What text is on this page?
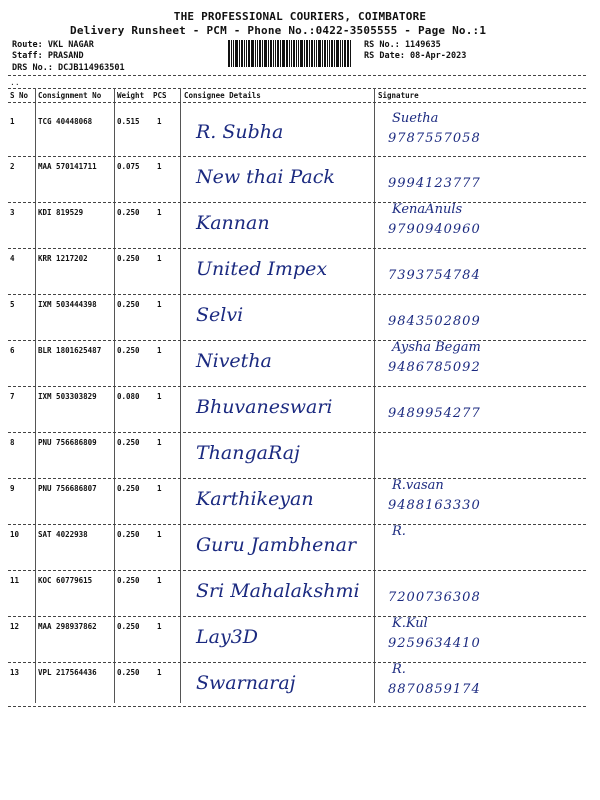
THE PROFESSIONAL COURIERS, COIMBATORE
Delivery Runsheet - PCM - Phone No.:0422-3505555 - Page No.:1
Route: VKL NAGAR
Staff: PRASAND
DRS No.: DCJB114963501
RS No.: 1149635
RS Date: 08-Apr-2023
..
S No Consignment No Weight PCS Consignee Details	Signature
1	TCG 40448068	0.515 1 R. Subha
Suetha
9787557058
2	MAA 570141711	0.075 1 New thai Pack	9994123777
3	KDI 819529	0.250 1 Kannan
KenaAnuls
9790940960
4	KRR 1217202	0.250 1 United Impex	7393754784
5	IXM 503444398	0.250 1 Selvi	9843502809
6	BLR 1801625487 0.250 1 Nivetha
Aysha Begam
9486785092
7	IXM 503303829	0.080 1 Bhuvaneswari	9489954277
8	PNU 756686809	0.250 1 ThangaRaj
9	PNU 756686807	0.250 1 Karthikeyan
R.vasan
9488163330
10	SAT 4022938	0.250 1 Guru Jambhenar
R.
11	KOC 60779615	0.250 1 Sri Mahalakshmi 7200736308
12	MAA 298937862	0.250 1 Lay3D
K.Kul
9259634410
13	VPL 217564436	0.250 1 Swarnaraj
R.
8870859174
